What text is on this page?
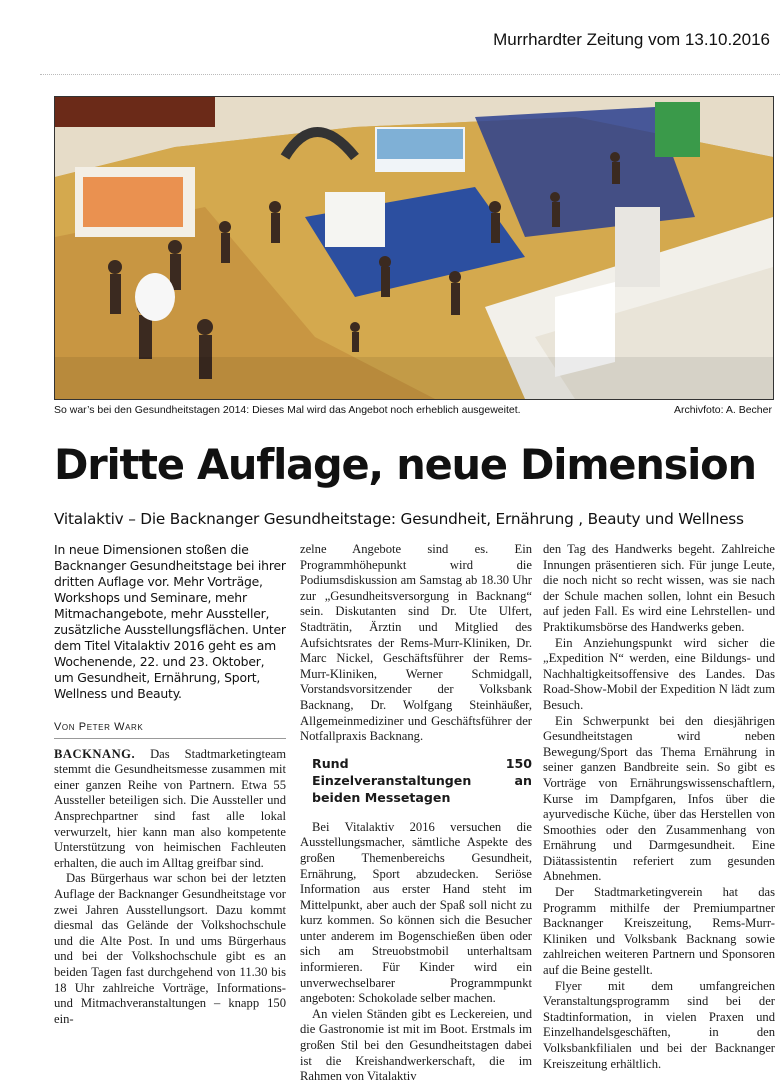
Murrhardter Zeitung vom 13.10.2016
So war’s bei den Gesundheitstagen 2014: Dieses Mal wird das Angebot noch erheblich ausgeweitet.	Archivfoto: A. Becher
Dritte Auflage, neue Dimension
Vitalaktiv – Die Backnanger Gesundheitstage: Gesundheit, Ernährung , Beauty und Wellness
In neue Dimensionen stoßen die Backnanger Gesundheitstage bei ihrer dritten Auflage vor. Mehr Vorträge, Workshops und Seminare, mehr Mitmachangebote, mehr Aussteller, zusätzliche Ausstellungsflächen. Unter dem Titel Vitalaktiv 2016 geht es am Wochenende, 22. und 23. Oktober, um Gesundheit, Ernährung, Sport, Wellness und Beauty.
Von Peter Wark

BACKNANG. Das Stadtmarketingteam stemmt die Gesundheitsmesse zusammen mit einer ganzen Reihe von Partnern. Etwa 55 Aussteller beteiligen sich. Die Aussteller und Ansprechpartner sind fast alle lokal verwurzelt, hier kann man also kompetente Unterstützung von heimischen Fachleuten erhalten, die auch im Alltag greifbar sind.

Das Bürgerhaus war schon bei der letzten Auflage der Backnanger Gesundheitstage vor zwei Jahren Ausstellungsort. Dazu kommt diesmal das Gelände der Volkshochschule und die Alte Post. In und ums Bürgerhaus und bei der Volkshochschule gibt es an beiden Tagen fast durchgehend von 11.30 bis 18 Uhr zahlreiche Vorträge, Informations- und Mitmachveranstaltungen – knapp 150 ein-

zelne Angebote sind es. Ein Programmhöhepunkt wird die Podiumsdiskussion am Samstag ab 18.30 Uhr zur „Gesundheitsversorgung in Backnang“ sein. Diskutanten sind Dr. Ute Ulfert, Stadträtin, Ärztin und Mitglied des Aufsichtsrates der Rems-Murr-Kliniken, Dr. Marc Nickel, Geschäftsführer der Rems-Murr-Kliniken, Werner Schmidgall, Vorstandsvorsitzender der Volksbank Backnang, Dr. Wolfgang Steinhäußer, Allgemeinmediziner und Geschäftsführer der Notfallpraxis Backnang.

Rund 150 Einzelveranstaltungen an beiden Messetagen

Bei Vitalaktiv 2016 versuchen die Ausstellungsmacher, sämtliche Aspekte des großen Themenbereichs Gesundheit, Ernährung, Sport abzudecken. Seriöse Information aus erster Hand steht im Mittelpunkt, aber auch der Spaß soll nicht zu kurz kommen. So können sich die Besucher unter anderem im Bogenschießen üben oder sich am Streuobstmobil unterhaltsam informieren. Für Kinder wird ein unverwechselbarer Programmpunkt angeboten: Schokolade selber machen.

An vielen Ständen gibt es Leckereien, und die Gastronomie ist mit im Boot. Erstmals im großen Stil bei den Gesundheitstagen dabei ist die Kreishandwerkerschaft, die im Rahmen von Vitalaktiv

den Tag des Handwerks begeht. Zahlreiche Innungen präsentieren sich. Für junge Leute, die noch nicht so recht wissen, was sie nach der Schule machen sollen, lohnt ein Besuch auf jeden Fall. Es wird eine Lehrstellen- und Praktikumsbörse des Handwerks geben.

Ein Anziehungspunkt wird sicher die „Expedition N“ werden, eine Bildungs- und Nachhaltigkeitsoffensive des Landes. Das Road-Show-Mobil der Expedition N lädt zum Besuch.

Ein Schwerpunkt bei den diesjährigen Gesundheitstagen wird neben Bewegung/Sport das Thema Ernährung in seiner ganzen Bandbreite sein. So gibt es Vorträge von Ernährungswissenschaftlern, Kurse im Dampfgaren, Infos über die ayurvedische Küche, über das Herstellen von Smoothies oder den Zusammenhang von Ernährung und Darmgesundheit. Eine Diätassistentin referiert zum gesunden Abnehmen.

Der Stadtmarketingverein hat das Programm mithilfe der Premiumpartner Backnanger Kreiszeitung, Rems-Murr-Kliniken und Volksbank Backnang sowie zahlreichen weiteren Partnern und Sponsoren auf die Beine gestellt.

Flyer mit dem umfangreichen Veranstaltungsprogramm sind bei der Stadtinformation, in vielen Praxen und Einzelhandelsgeschäften, in den Volksbankfilialen und bei der Backnanger Kreiszeitung erhältlich.
